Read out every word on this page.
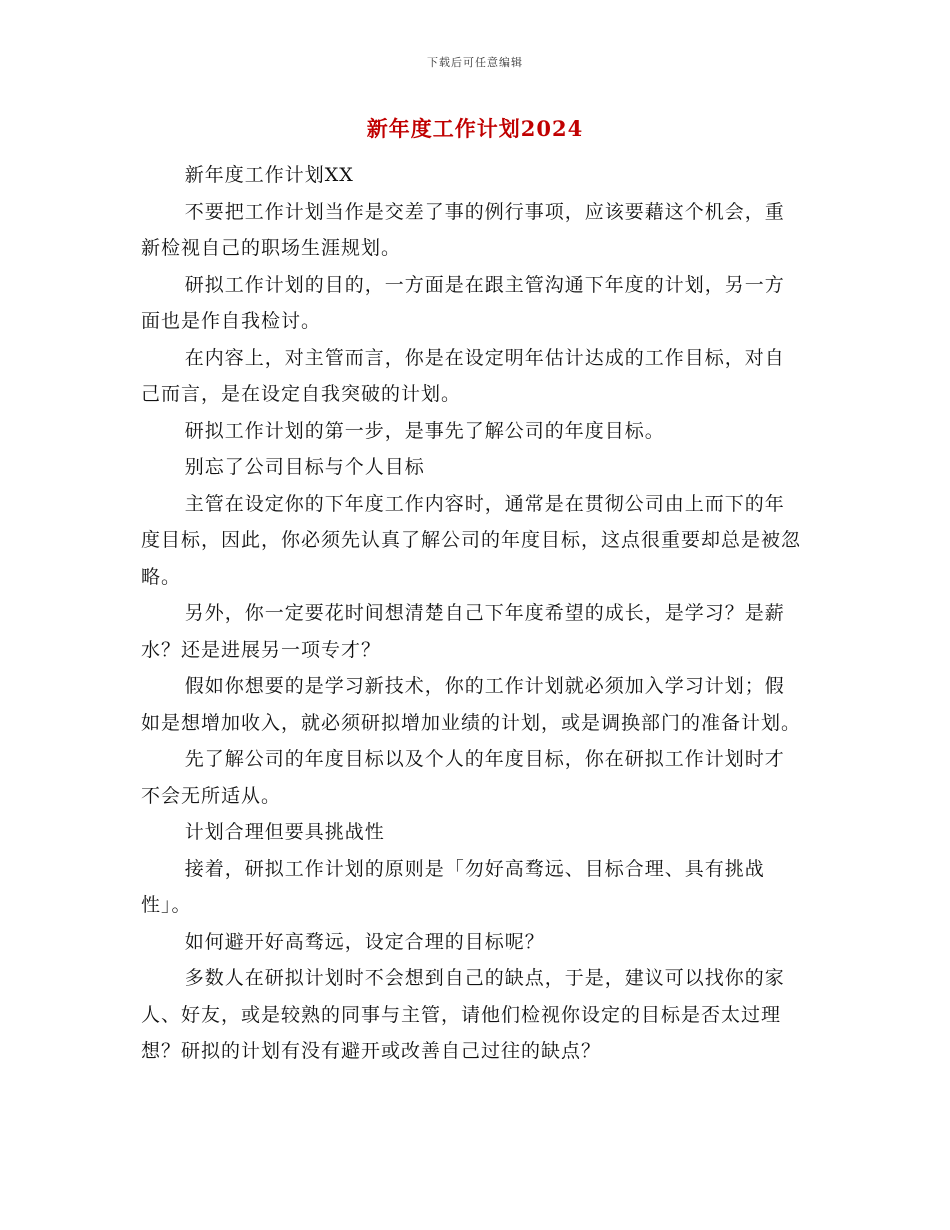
下载后可任意编辑
新年度工作计划2024

新年度工作计划XX

不要把工作计划当作是交差了事的例行事项，应该要藉这个机会，重新检视自己的职场生涯规划。

研拟工作计划的目的，一方面是在跟主管沟通下年度的计划，另一方面也是作自我检讨。

在内容上，对主管而言，你是在设定明年估计达成的工作目标，对自己而言，是在设定自我突破的计划。

研拟工作计划的第一步，是事先了解公司的年度目标。

别忘了公司目标与个人目标

主管在设定你的下年度工作内容时，通常是在贯彻公司由上而下的年度目标，因此，你必须先认真了解公司的年度目标，这点很重要却总是被忽略。

另外，你一定要花时间想清楚自己下年度希望的成长，是学习？是薪水？还是进展另一项专才？

假如你想要的是学习新技术，你的工作计划就必须加入学习计划；假如是想增加收入，就必须研拟增加业绩的计划，或是调换部门的准备计划。

先了解公司的年度目标以及个人的年度目标，你在研拟工作计划时才不会无所适从。

计划合理但要具挑战性

接着，研拟工作计划的原则是「勿好高骛远、目标合理、具有挑战性」。

如何避开好高骛远，设定合理的目标呢？

多数人在研拟计划时不会想到自己的缺点，于是，建议可以找你的家人、好友，或是较熟的同事与主管，请他们检视你设定的目标是否太过理想？研拟的计划有没有避开或改善自己过往的缺点？
